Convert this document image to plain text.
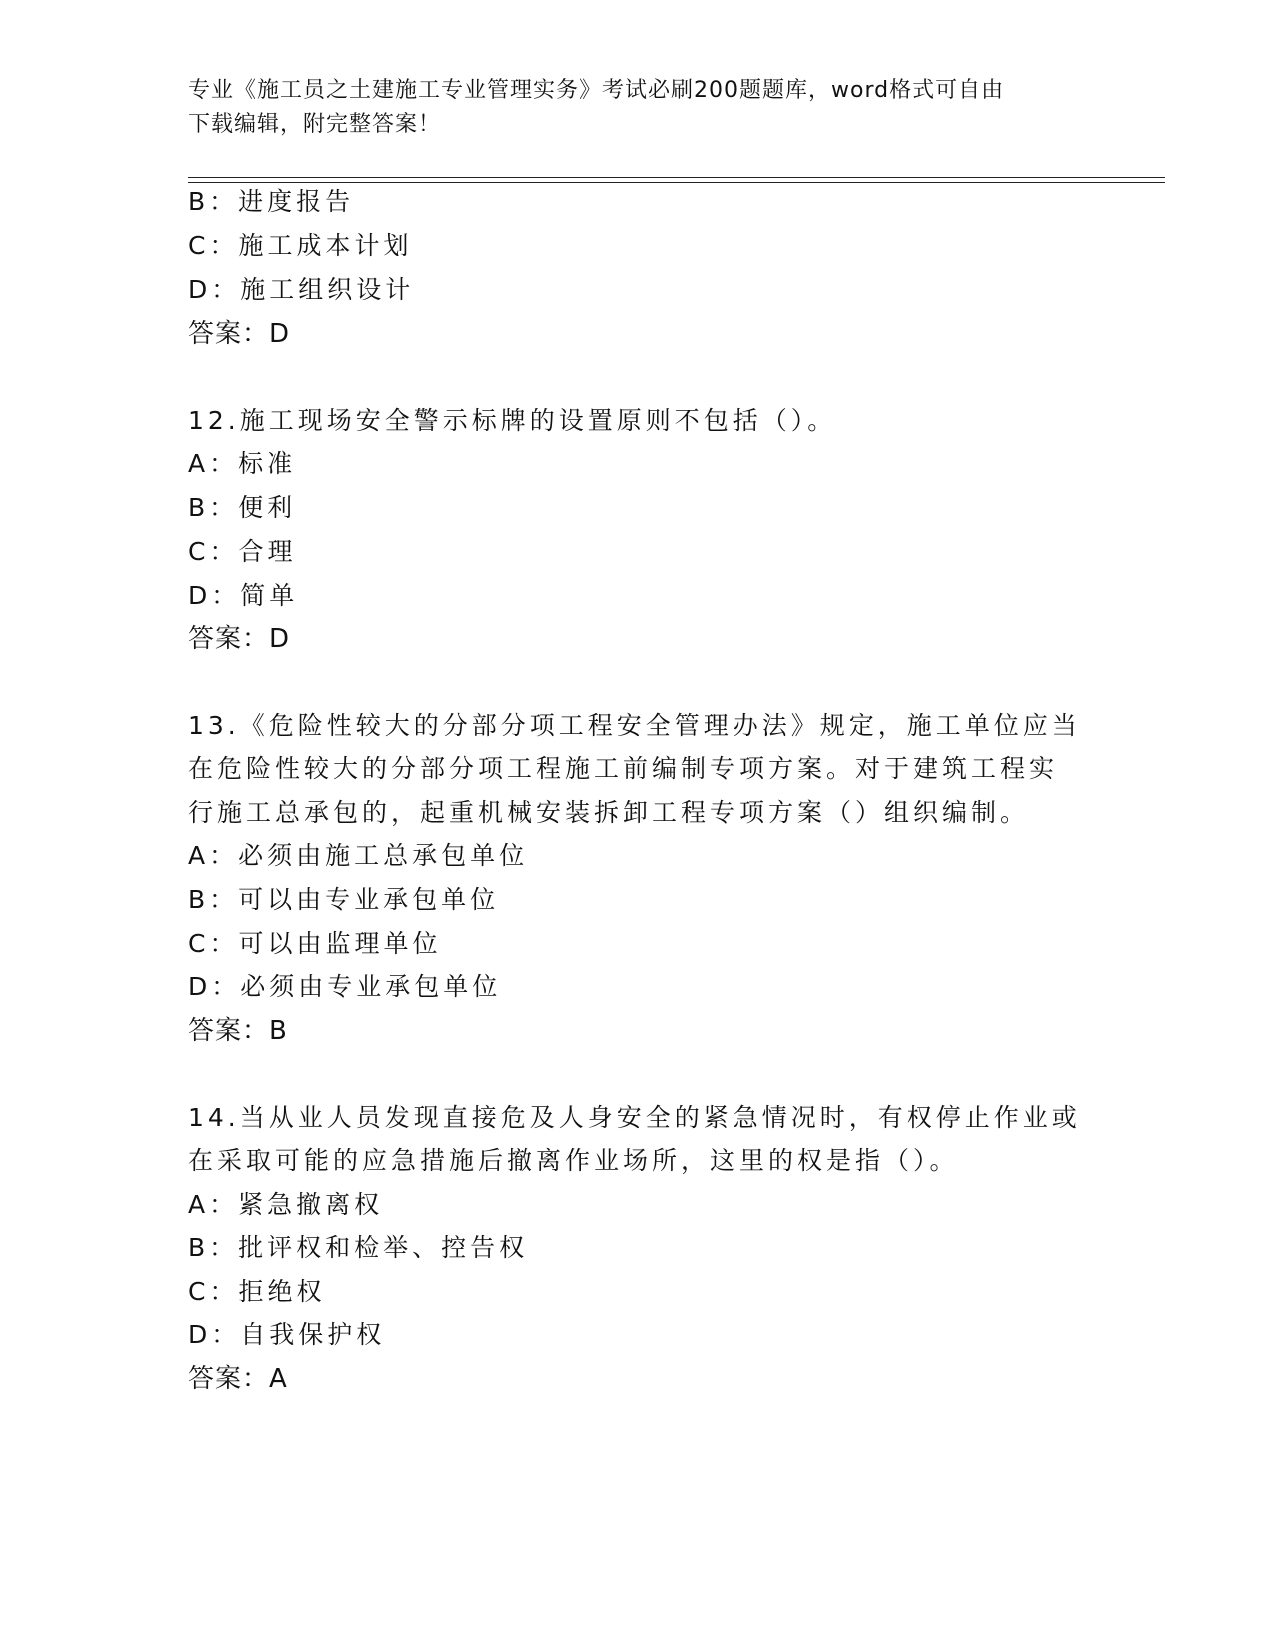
专业《施工员之土建施工专业管理实务》考试必刷200题题库，word格式可自由
下载编辑，附完整答案！
B：进度报告
C：施工成本计划
D：施工组织设计
答案：D
12.施工现场安全警示标牌的设置原则不包括（）。
A：标准
B：便利
C：合理
D：简单
答案：D
13.《危险性较大的分部分项工程安全管理办法》规定，施工单位应当
在危险性较大的分部分项工程施工前编制专项方案。对于建筑工程实
行施工总承包的，起重机械安装拆卸工程专项方案（）组织编制。
A：必须由施工总承包单位
B：可以由专业承包单位
C：可以由监理单位
D：必须由专业承包单位
答案：B
14.当从业人员发现直接危及人身安全的紧急情况时，有权停止作业或
在采取可能的应急措施后撤离作业场所，这里的权是指（）。
A：紧急撤离权
B：批评权和检举、控告权
C：拒绝权
D：自我保护权
答案：A
